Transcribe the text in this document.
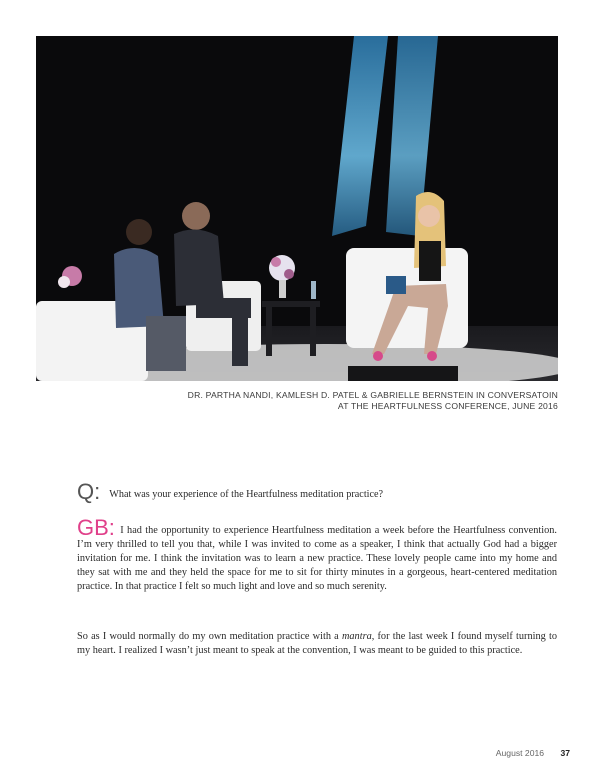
DR. PARTHA NANDI, KAMLESH D. PATEL & GABRIELLE BERNSTEIN IN CONVERSATOIN
AT THE HEARTFULNESS CONFERENCE, JUNE 2016
Q: What was your experience of the Heartfulness meditation practice?
GB: I had the opportunity to experience Heartfulness meditation a week before the Heartfulness convention. I’m very thrilled to tell you that, while I was invited to come as a speaker, I think that actually God had a bigger invitation for me. I think the invitation was to learn a new practice. These lovely people came into my home and they sat with me and they held the space for me to sit for thirty minutes in a gorgeous, heart-centered meditation practice. In that practice I felt so much light and love and so much serenity.
So as I would normally do my own meditation practice with a mantra, for the last week I found myself turning to my heart. I realized I wasn’t just meant to speak at the convention, I was meant to be guided to this practice.
August 2016 37
